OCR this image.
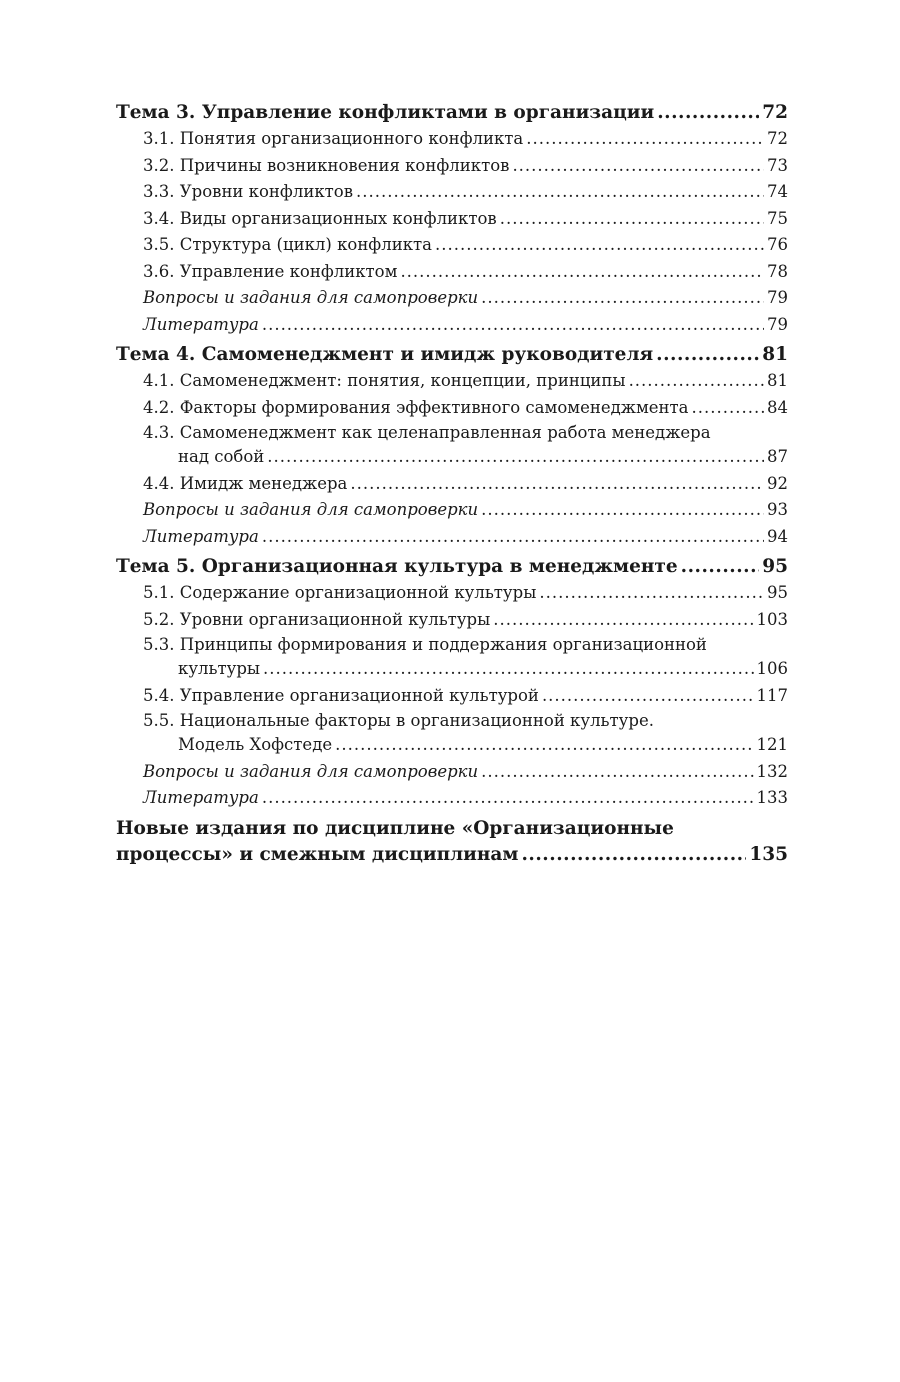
Тема 3. Управление конфликтами в организации .....	72
3.1. Понятия организационного конфликта .....	72
3.2. Причины возникновения конфликтов .....	73
3.3. Уровни конфликтов .....	74
3.4. Виды организационных конфликтов .....	75
3.5. Структура (цикл) конфликта .....	76
3.6. Управление конфликтом .....	78
Вопросы и задания для самопроверки .....	79
Литература .....	79
Тема 4. Самоменеджмент и имидж руководителя .....	81
4.1. Самоменеджмент: понятия, концепции, принципы .....	81
4.2. Факторы формирования эффективного самоменеджмента .....	84
4.3. Самоменеджмент как целенаправленная работа менеджера
над собой .....	87
4.4. Имидж менеджера .....	92
Вопросы и задания для самопроверки .....	93
Литература .....	94
Тема 5. Организационная культура в менеджменте .....	95
5.1. Содержание организационной культуры .....	95
5.2. Уровни организационной культуры .....	103
5.3. Принципы формирования и поддержания организационной
культуры .....	106
5.4. Управление организационной культурой .....	117
5.5. Национальные факторы в организационной культуре.
Модель Хофстеде .....	121
Вопросы и задания для самопроверки .....	132
Литература .....	133
Новые издания по дисциплине «Организационные
процессы» и смежным дисциплинам .....	135
